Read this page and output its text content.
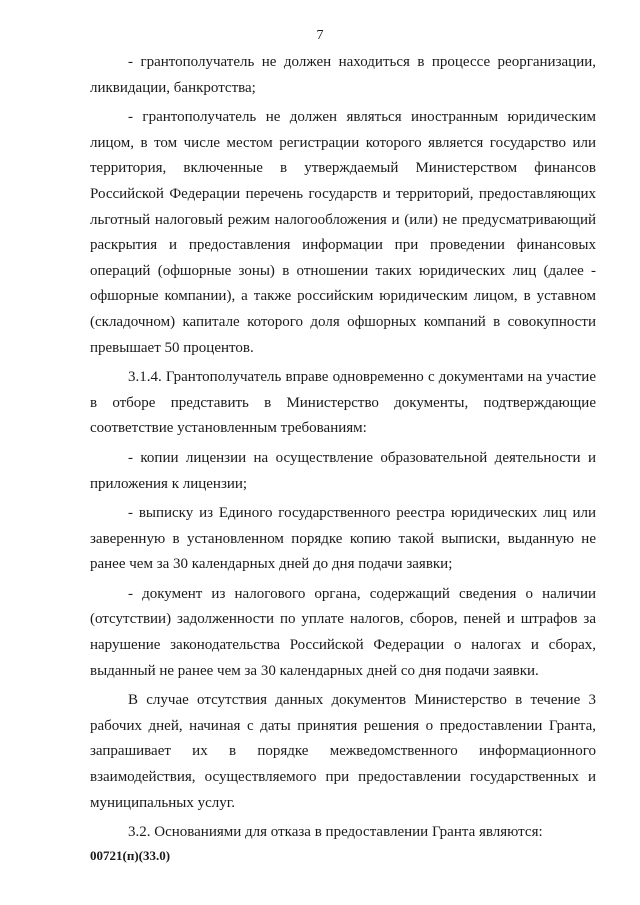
7

- грантополучатель не должен находиться в процессе реорганизации, ликвидации, банкротства;

- грантополучатель не должен являться иностранным юридическим лицом, в том числе местом регистрации которого является государство или территория, включенные в утверждаемый Министерством финансов Российской Федерации перечень государств и территорий, предоставляющих льготный налоговый режим налогообложения и (или) не предусматривающий раскрытия и предоставления информации при проведении финансовых операций (офшорные зоны) в отношении таких юридических лиц (далее - офшорные компании), а также российским юридическим лицом, в уставном (складочном) капитале которого доля офшорных компаний в совокупности превышает 50 процентов.

3.1.4. Грантополучатель вправе одновременно с документами на участие в отборе представить в Министерство документы, подтверждающие соответствие установленным требованиям:

- копии лицензии на осуществление образовательной деятельности и приложения к лицензии;

- выписку из Единого государственного реестра юридических лиц или заверенную в установленном порядке копию такой выписки, выданную не ранее чем за 30 календарных дней до дня подачи заявки;

- документ из налогового органа, содержащий сведения о наличии (отсутствии) задолженности по уплате налогов, сборов, пеней и штрафов за нарушение законодательства Российской Федерации о налогах и сборах, выданный не ранее чем за 30 календарных дней со дня подачи заявки.

В случае отсутствия данных документов Министерство в течение 3 рабочих дней, начиная с даты принятия решения о предоставлении Гранта, запрашивает их в порядке межведомственного информационного взаимодействия, осуществляемого при предоставлении государственных и муниципальных услуг.

3.2. Основаниями для отказа в предоставлении Гранта являются:

00721(п)(33.0)
